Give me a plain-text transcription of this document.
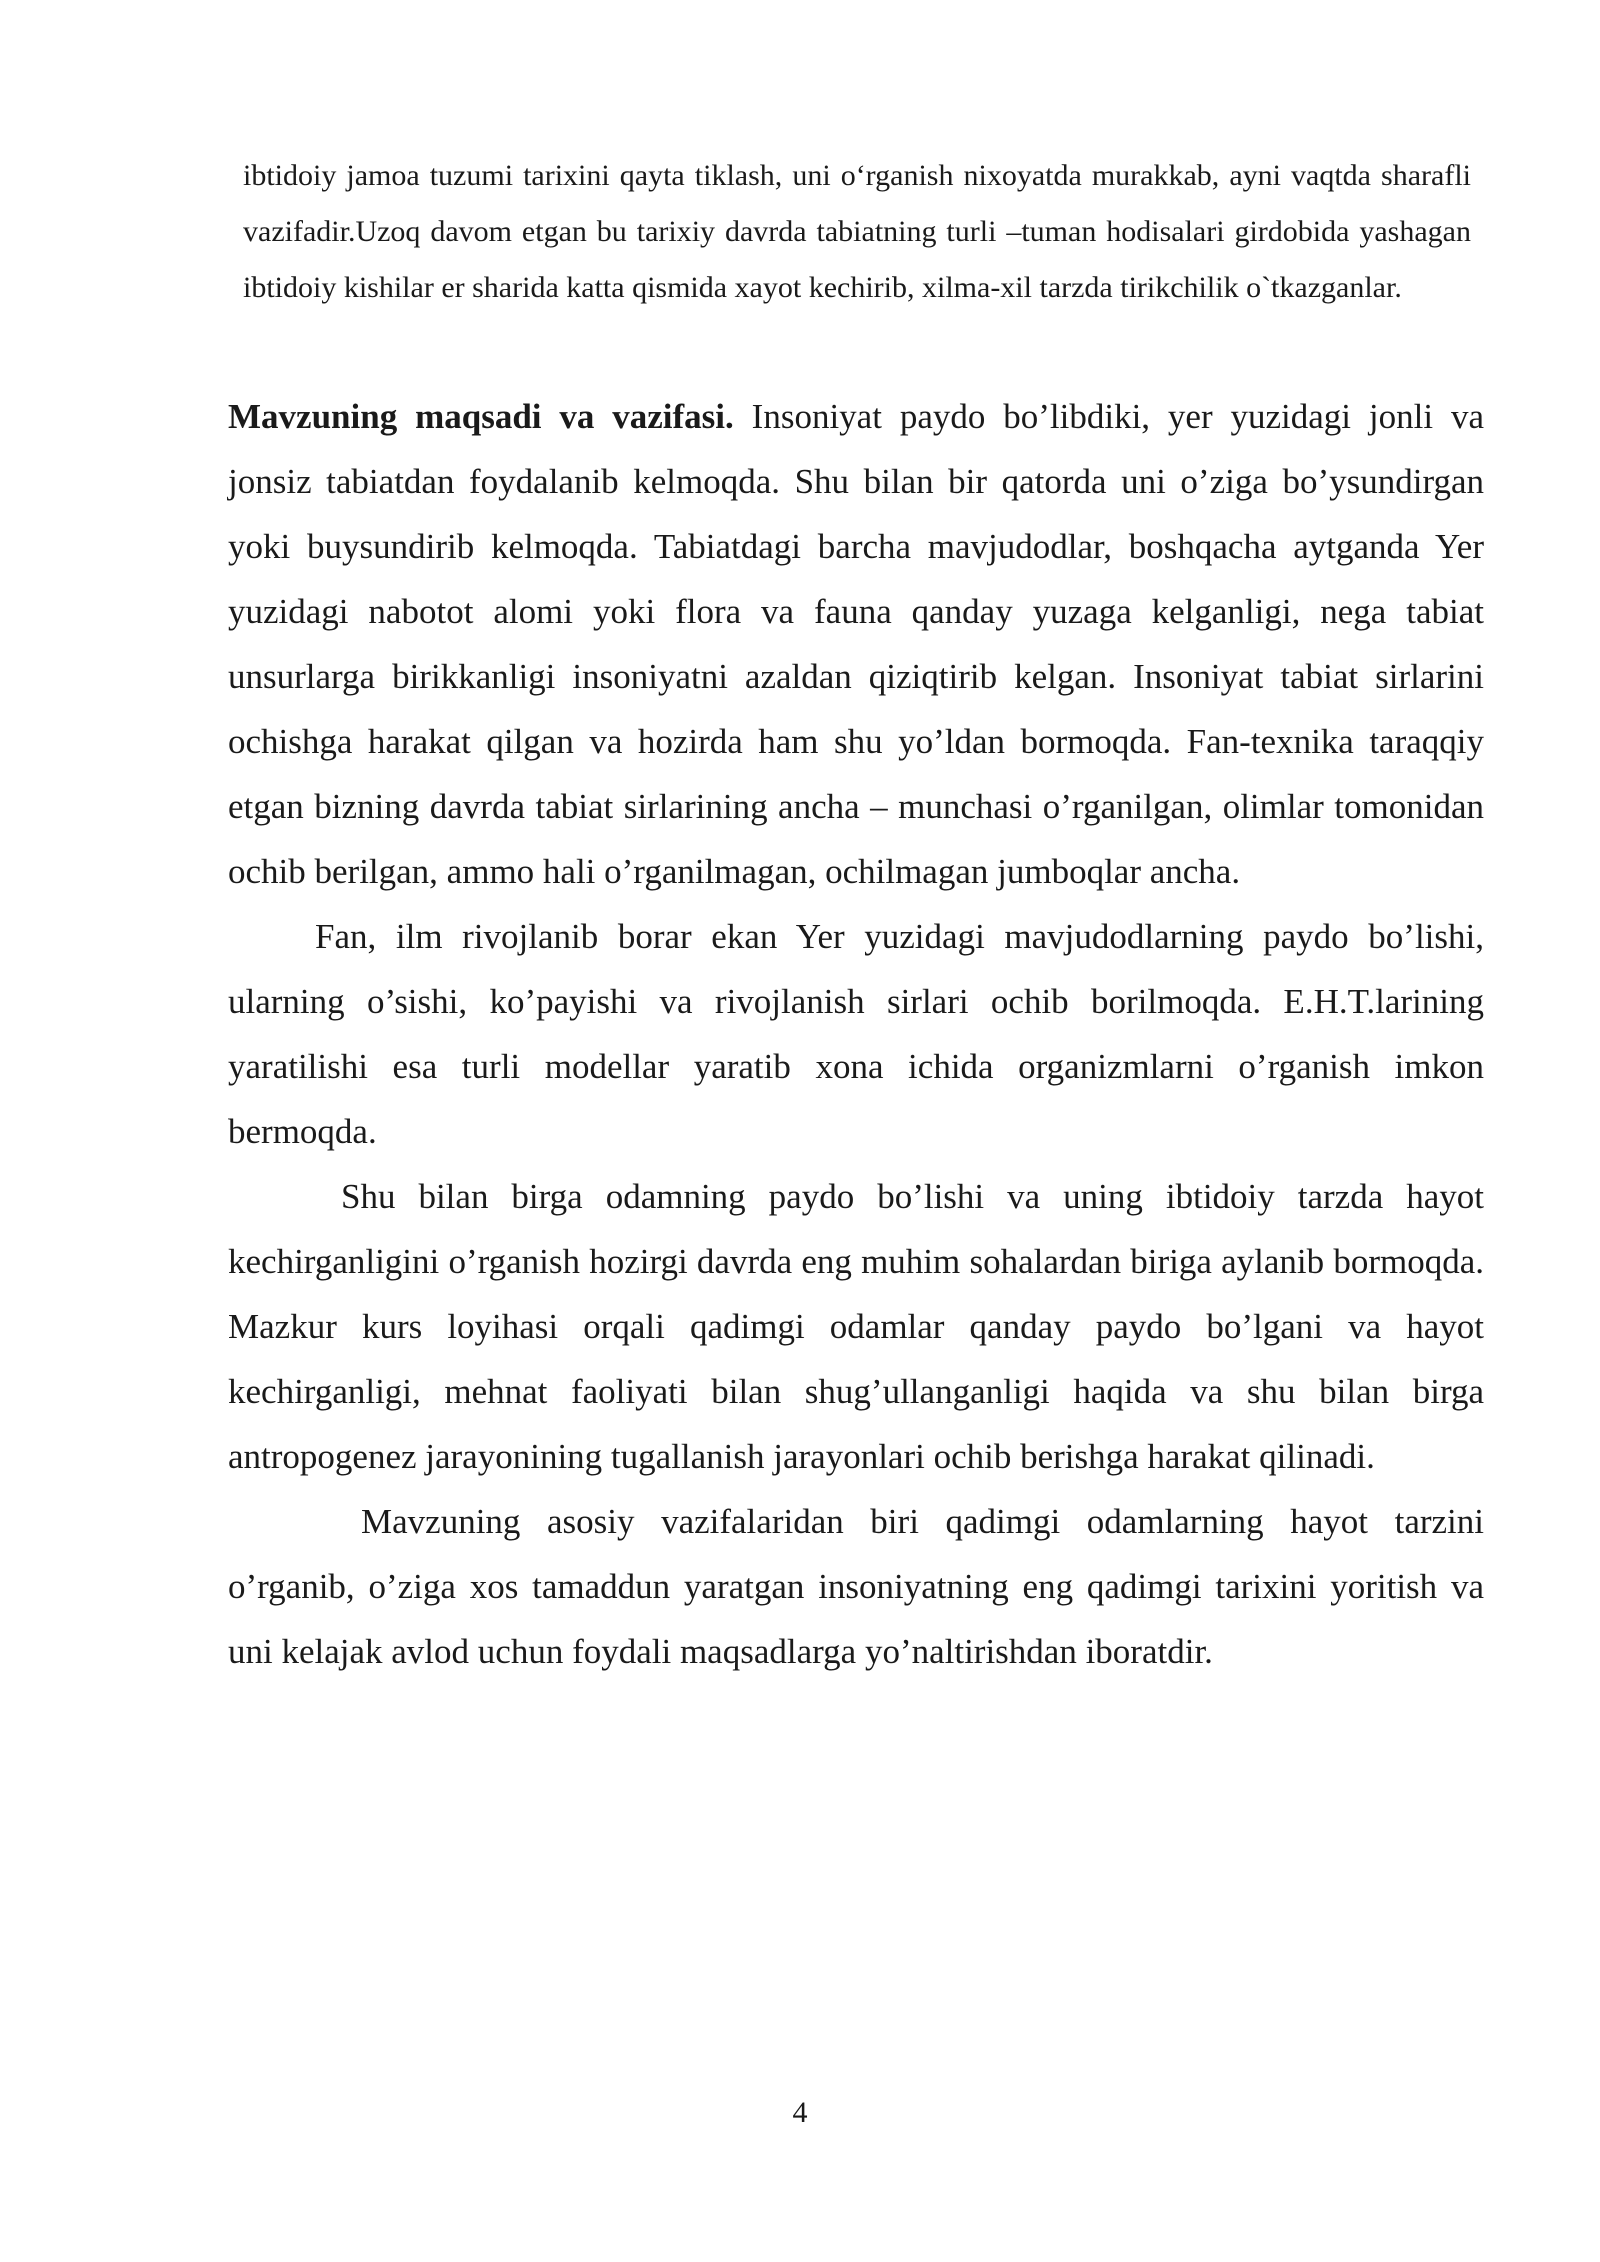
ibtidoiy jamoa tuzumi tarixini qayta tiklash, uni o‘rganish nixoyatda murakkab, ayni vaqtda sharafli vazifadir.Uzoq davom etgan bu tarixiy davrda tabiatning turli –tuman hodisalari girdobida yashagan ibtidoiy kishilar er sharida katta qismida xayot kechirib, xilma-xil tarzda tirikchilik o`tkazganlar.

Mavzuning maqsadi va vazifasi. Insoniyat paydo bo’libdiki, yer yuzidagi jonli va jonsiz tabiatdan foydalanib kelmoqda. Shu bilan bir qatorda uni o’ziga bo’ysundirgan yoki buysundirib kelmoqda. Tabiatdagi barcha mavjudodlar, boshqacha aytganda Yer yuzidagi nabotot alomi yoki flora va fauna qanday yuzaga kelganligi, nega tabiat unsurlarga birikkanligi insoniyatni azaldan qiziqtirib kelgan. Insoniyat tabiat sirlarini ochishga harakat qilgan va hozirda ham shu yo’ldan bormoqda. Fan-texnika taraqqiy etgan bizning davrda tabiat sirlarining ancha – munchasi o’rganilgan, olimlar tomonidan ochib berilgan, ammo hali o’rganilmagan, ochilmagan jumboqlar ancha.

Fan, ilm rivojlanib borar ekan Yer yuzidagi mavjudodlarning paydo bo’lishi, ularning o’sishi, ko’payishi va rivojlanish sirlari ochib borilmoqda. E.H.T.larining yaratilishi esa turli modellar yaratib xona ichida organizmlarni o’rganish imkon bermoqda.

Shu bilan birga odamning paydo bo’lishi va uning ibtidoiy tarzda hayot kechirganligini o’rganish hozirgi davrda eng muhim sohalardan biriga aylanib bormoqda. Mazkur kurs loyihasi orqali qadimgi odamlar qanday paydo bo’lgani va hayot kechirganligi, mehnat faoliyati bilan shug’ullanganligi haqida va shu bilan birga antropogenez jarayonining tugallanish jarayonlari ochib berishga harakat qilinadi.

Mavzuning asosiy vazifalaridan biri qadimgi odamlarning hayot tarzini o’rganib, o’ziga xos tamaddun yaratgan insoniyatning eng qadimgi tarixini yoritish va uni kelajak avlod uchun foydali maqsadlarga yo’naltirishdan iboratdir.

4
